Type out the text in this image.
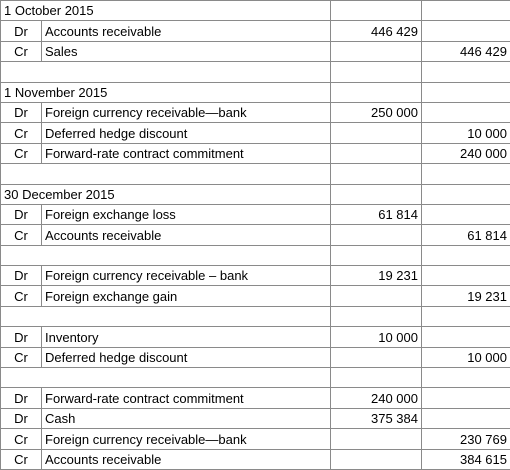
1 October 2015			
Dr	Accounts receivable	446 429	
Cr	Sales		446 429

1 November 2015			
Dr	Foreign currency receivable—bank	250 000	
Cr	Deferred hedge discount		10 000
Cr	Forward-rate contract commitment		240 000

30 December 2015			
Dr	Foreign exchange loss	61 814	
Cr	Accounts receivable		61 814

Dr	Foreign currency receivable – bank	19 231	
Cr	Foreign exchange gain		19 231

Dr	Inventory	10 000	
Cr	Deferred hedge discount		10 000

Dr	Forward-rate contract commitment	240 000	
Dr	Cash	375 384	
Cr	Foreign currency receivable—bank		230 769
Cr	Accounts receivable		384 615
